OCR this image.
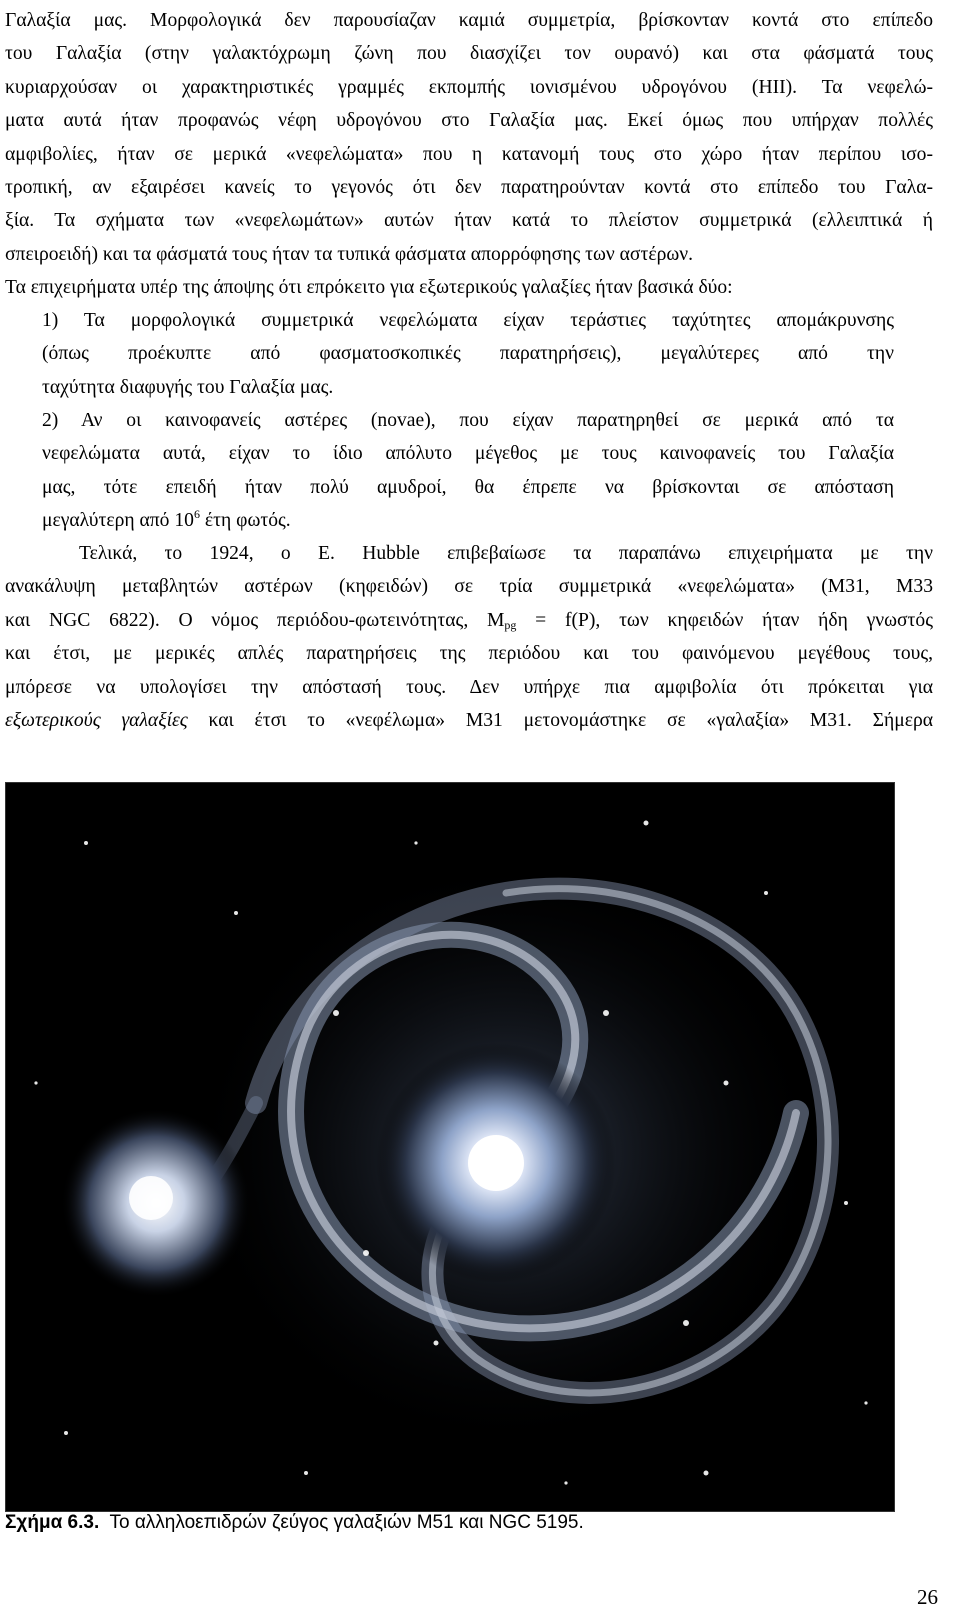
Γαλαξία μας. Μορφολογικά δεν παρουσίαζαν καμιά συμμετρία, βρίσκονταν κοντά στο επίπεδο
του Γαλαξία (στην γαλακτόχρωμη ζώνη που διασχίζει τον ουρανό) και στα φάσματά τους
κυριαρχούσαν οι χαρακτηριστικές γραμμές εκπομπής ιονισμένου υδρογόνου (HII). Τα νεφελώ-
ματα αυτά ήταν προφανώς νέφη υδρογόνου στο Γαλαξία μας. Εκεί όμως που υπήρχαν πολλές
αμφιβολίες, ήταν σε μερικά «νεφελώματα» που η κατανομή τους στο χώρο ήταν περίπου ισο-
τροπική, αν εξαιρέσει κανείς το γεγονός ότι δεν παρατηρούνταν κοντά στο επίπεδο του Γαλα-
ξία. Τα σχήματα των «νεφελωμάτων» αυτών ήταν κατά το πλείστον συμμετρικά (ελλειπτικά ή
σπειροειδή) και τα φάσματά τους ήταν τα τυπικά φάσματα απορρόφησης των αστέρων.

Τα επιχειρήματα υπέρ της άποψης ότι επρόκειτο για εξωτερικούς γαλαξίες ήταν βασικά δύο:

1) Τα μορφολογικά συμμετρικά νεφελώματα είχαν τεράστιες ταχύτητες απομάκρυνσης
(όπως προέκυπτε από φασματοσκοπικές παρατηρήσεις), μεγαλύτερες από την
ταχύτητα διαφυγής του Γαλαξία μας.

2) Αν οι καινοφανείς αστέρες (novae), που είχαν παρατηρηθεί σε μερικά από τα
νεφελώματα αυτά, είχαν το ίδιο απόλυτο μέγεθος με τους καινοφανείς του Γαλαξία
μας, τότε επειδή ήταν πολύ αμυδροί, θα έπρεπε να βρίσκονται σε απόσταση
μεγαλύτερη από $10^6$ έτη φωτός.

Τελικά, το 1924, ο E. Hubble επιβεβαίωσε τα παραπάνω επιχειρήματα με την
ανακάλυψη μεταβλητών αστέρων (κηφειδών) σε τρία συμμετρικά «νεφελώματα» (M31, M33
και NGC 6822). Ο νόμος περιόδου-φωτεινότητας, $M_{pg} = f(P)$, των κηφειδών ήταν ήδη γνωστός
και έτσι, με μερικές απλές παρατηρήσεις της περιόδου και του φαινόμενου μεγέθους τους,
μπόρεσε να υπολογίσει την απόστασή τους. Δεν υπήρχε πια αμφιβολία ότι πρόκειται για
εξωτερικούς γαλαξίες και έτσι το «νεφέλωμα» M31 μετονομάστηκε σε «γαλαξία» M31. Σήμερα

Σχήμα 6.3. Το αλληλοεπιδρών ζεύγος γαλαξιών M51 και NGC 5195.
26
